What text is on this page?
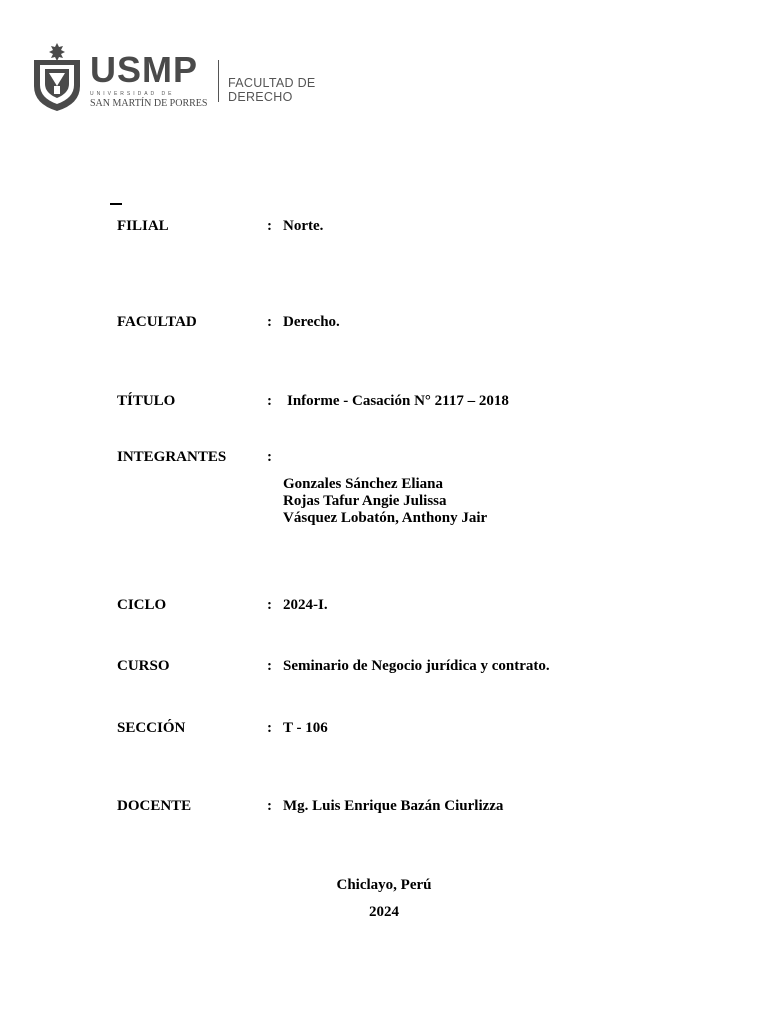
USMP
UNIVERSIDAD DE
SAN MARTÍN DE PORRES
FACULTAD DE
DERECHO
FILIAL	: Norte.
FACULTAD	: Derecho.
TÍTULO	: Informe - Casación N° 2117 – 2018
INTEGRANTES	:
Gonzales Sánchez Eliana
Rojas Tafur Angie Julissa
Vásquez Lobatón, Anthony Jair
CICLO	: 2024-I.
CURSO	: Seminario de Negocio jurídica y contrato.
SECCIÓN	: T - 106
DOCENTE	: Mg. Luis Enrique Bazán Ciurlizza
Chiclayo, Perú
2024
